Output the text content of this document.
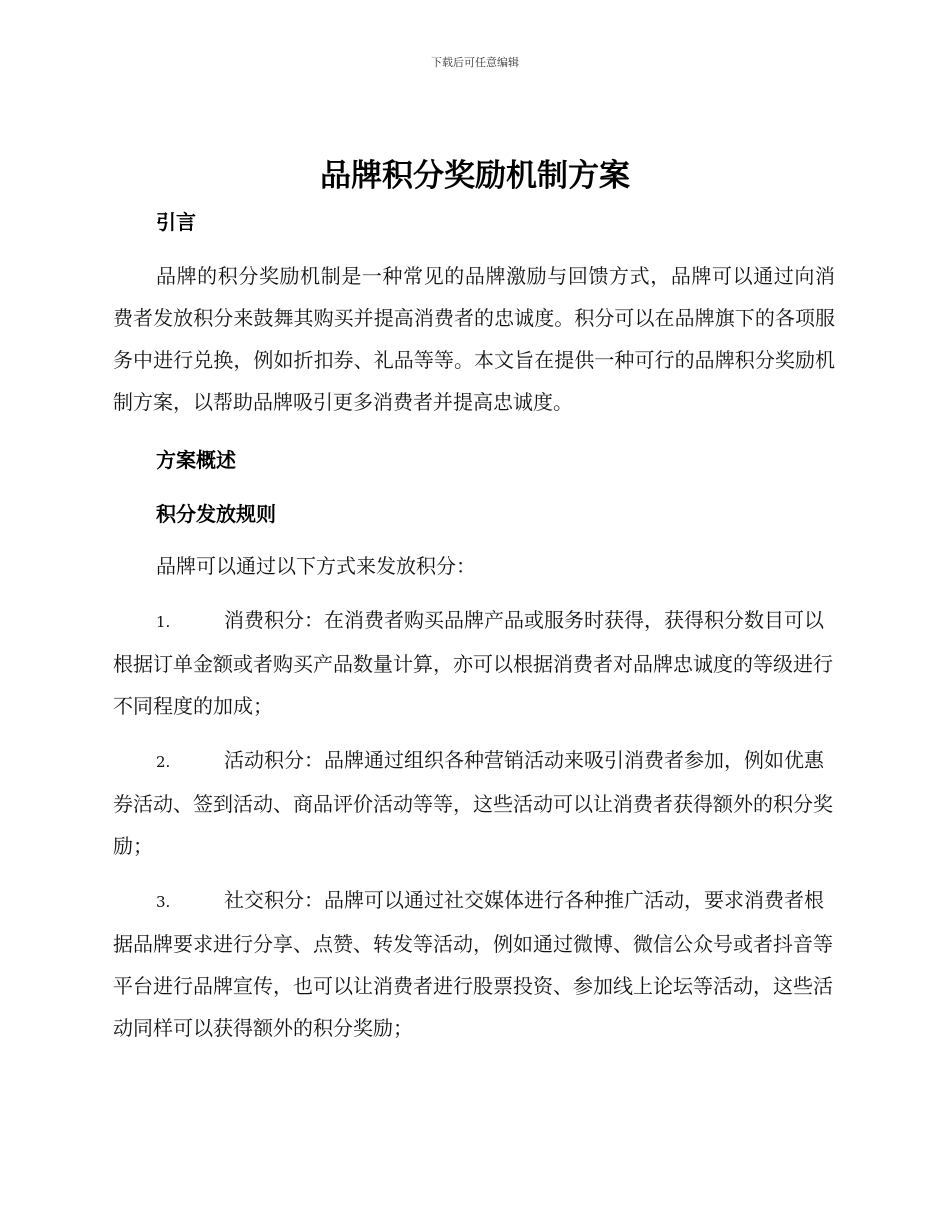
下载后可任意编辑
品牌积分奖励机制方案
引言
品牌的积分奖励机制是一种常见的品牌激励与回馈方式，品牌可以通过向消费者发放积分来鼓舞其购买并提高消费者的忠诚度。积分可以在品牌旗下的各项服务中进行兑换，例如折扣券、礼品等等。本文旨在提供一种可行的品牌积分奖励机制方案，以帮助品牌吸引更多消费者并提高忠诚度。
方案概述
积分发放规则
品牌可以通过以下方式来发放积分：
1.	消费积分：在消费者购买品牌产品或服务时获得，获得积分数目可以根据订单金额或者购买产品数量计算，亦可以根据消费者对品牌忠诚度的等级进行不同程度的加成；
2.	活动积分：品牌通过组织各种营销活动来吸引消费者参加，例如优惠券活动、签到活动、商品评价活动等等，这些活动可以让消费者获得额外的积分奖励；
3.	社交积分：品牌可以通过社交媒体进行各种推广活动，要求消费者根据品牌要求进行分享、点赞、转发等活动，例如通过微博、微信公众号或者抖音等平台进行品牌宣传，也可以让消费者进行股票投资、参加线上论坛等活动，这些活动同样可以获得额外的积分奖励；
